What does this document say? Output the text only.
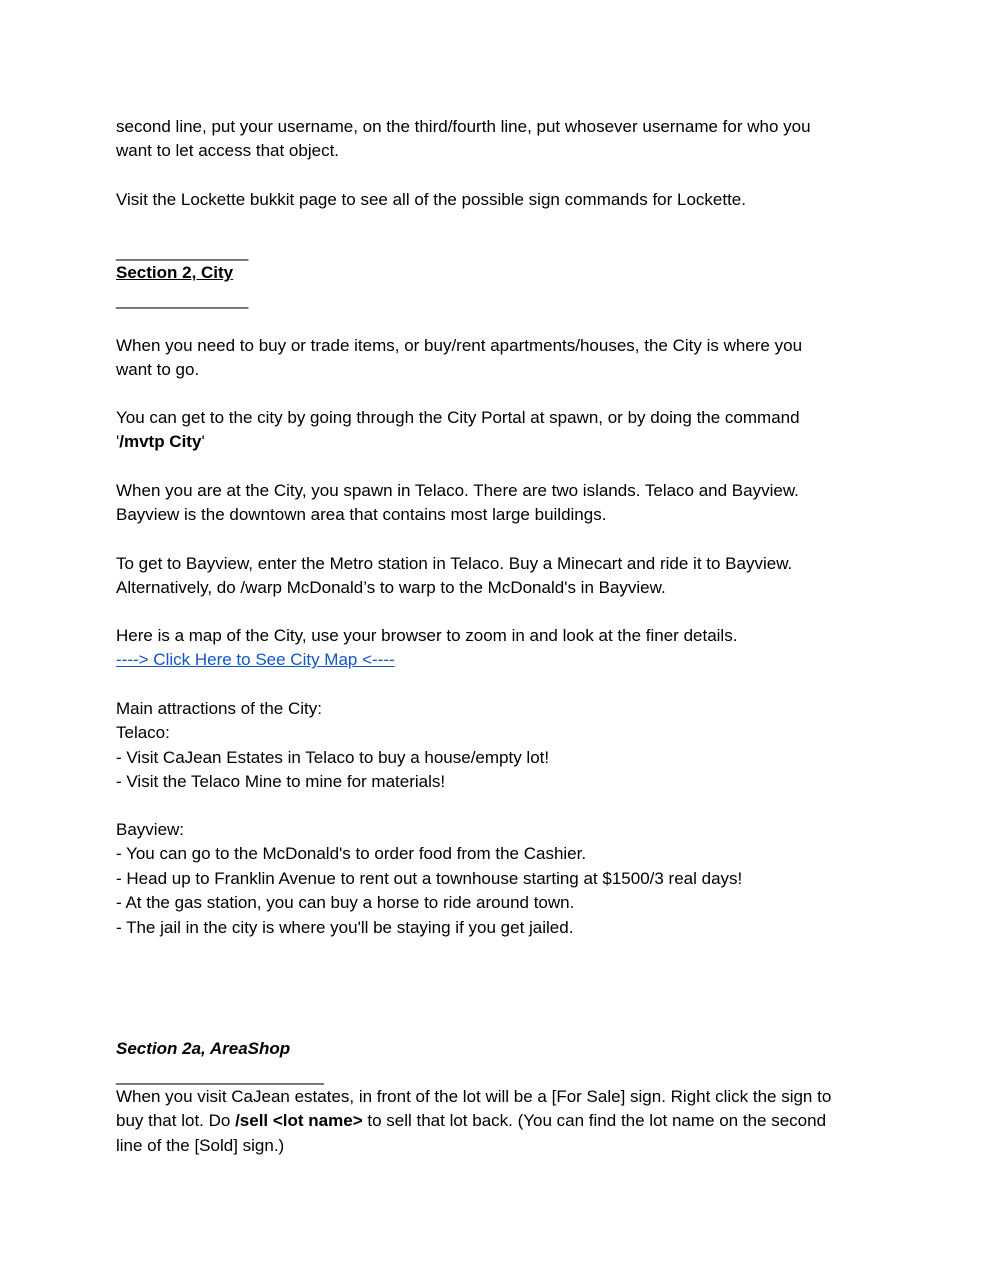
second line, put your username, on the third/fourth line, put whosever username for who you
want to let access that object.
Visit the Lockette bukkit page to see all of the possible sign commands for Lockette.
______________
Section 2, City
______________
When you need to buy or trade items, or buy/rent apartments/houses, the City is where you
want to go.
You can get to the city by going through the City Portal at spawn, or by doing the command
'/mvtp City'
When you are at the City, you spawn in Telaco. There are two islands. Telaco and Bayview.
Bayview is the downtown area that contains most large buildings.
To get to Bayview, enter the Metro station in Telaco. Buy a Minecart and ride it to Bayview.
Alternatively, do /warp McDonald’s to warp to the McDonald's in Bayview.
Here is a map of the City, use your browser to zoom in and look at the finer details.
----> Click Here to See City Map <----
Main attractions of the City:
Telaco:
- Visit CaJean Estates in Telaco to buy a house/empty lot!
- Visit the Telaco Mine to mine for materials!
Bayview:
- You can go to the McDonald's to order food from the Cashier.
- Head up to Franklin Avenue to rent out a townhouse starting at $1500/3 real days!
- At the gas station, you can buy a horse to ride around town.
- The jail in the city is where you'll be staying if you get jailed.
Section 2a, AreaShop
______________________
When you visit CaJean estates, in front of the lot will be a [For Sale] sign. Right click the sign to
buy that lot. Do /sell <lot name> to sell that lot back. (You can find the lot name on the second
line of the [Sold] sign.)
